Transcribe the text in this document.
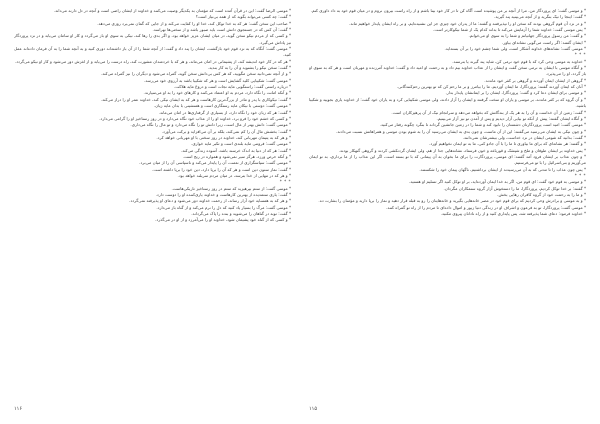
* موسی الرضا گفت: این در قرآن آمده است که مؤمنان به یکدیگر وصیت می‌کنند و خداوند از ایشان راضی است و آنچه در دل دارند می‌داند.

* گفت: چه کسی می‌تواند بگوید که از همه بی‌نیاز است؟

* صاحب این سخن گفت: هر که به خدا توکل کند، خدا او را کفایت می‌کند و از جایی که گمان نمی‌برد روزی می‌دهد.

* گفت: آن کس که در جستجوی دانش است باید صبور باشد و از سختی‌ها نهراسد.

* و کسی که از مردم نیکو سخن گوید، در میان ایشان عزیز خواهد بود، و اگر بدی را رها کند، نیکی به سوی او باز می‌گردد و کار او سامان می‌یابد و در نزد پروردگار نیز پاداش می‌گیرد.

* موسی گفت: آنگاه که به نزد قوم خود بازگشت، ایشان را پند داد و گفت: از آنچه شما را از آن باز داشته‌اند دوری کنید و به آنچه شما را به آن فرمان داده‌اند عمل کنید.

* هر که در کار خود اندیشه کند، از پشیمانی در امان می‌ماند، و هر که با خردمندان مشورت کند، راه درست را می‌یابد و از لغزش دور می‌شود و کار او نیکو می‌گردد.

* گفت: سخن نیکو را بشنوید و آن را به کار بندید.

* و از آنچه نمی‌دانید سخن مگویید، که هر کس بی‌دانش سخن گوید، گمراه می‌شود و دیگران را نیز گمراه می‌کند.

* موسی گفت: شکیبایی کلید گشایش است و هر که شکیبا باشد به آرزوی خود می‌رسد.

* درباره راستی گفت: راستگویی مایه نجات است و دروغ مایه هلاکت.

* و آنکه امانت را نگاه دارد، مردم به او اعتماد می‌کنند و کارهای خود را به او می‌سپارند.

* گفت: نیکوکاری با پدر و مادر از بزرگ‌ترین کارهاست و هر که به ایشان نیکی کند، خداوند عمر او را دراز می‌کند.

* موسی گفت: دوستی با نیکان مایه رستگاری است و همنشینی با بدان مایه زیان.

* گفت: هر که زبان خود را نگاه دارد، از بسیاری از گرفتاری‌ها در امان می‌ماند.

* و کسی که خشم خود را فرو برد، خداوند او را از عذاب خود نگاه می‌دارد و در روز رستاخیز او را گرامی می‌دارد.

* موسی گفت: دانش بهتر از مال است، زیرا دانش تو را نگاه می‌دارد و تو مال را نگاه می‌داری.

* گفت: بخشش مال آن را کم نمی‌کند، بلکه بر آن می‌افزاید و برکت می‌آورد.

* و هر که به یتیمان مهربانی کند، خداوند در روز سختی با او مهربانی خواهد کرد.

* موسی گفت: فروتنی مایه بلندی است و تکبر مایه خواری.

* گفت: هر که از دنیا به اندک خرسند باشد، آسوده زندگی می‌کند.

* و آنکه حرص ورزد، هرگز سیر نمی‌شود و همواره در رنج است.

* موسی گفت: سپاسگزاری از نعمت، آن را پایدار می‌کند و ناسپاسی آن را از میان می‌برد.

* گفت: نماز ستون دین است و هر که آن را برپا دارد، دین خود را برپا داشته است.

* و هر که در تنهایی از خدا بترسد، در میان مردم سربلند خواهد بود.

* * *

* موسی گفت: از ستم بپرهیزید که ستم در روز رستاخیز تاریکی‌هاست.

* گفت: یاری ستمدیده از بهترین کارهاست و خداوند یاری‌کننده او را دوست دارد.

* و هر که به همسایه خود آزار رساند، از رحمت خداوند دور می‌شود و دعای او پذیرفته نمی‌گردد.

* موسی گفت: مرگ را بسیار یاد کنید که دل را نرم می‌کند و از گناه باز می‌دارد.

* گفت: توبه در گناهان را می‌شوید و بنده را پاک می‌گرداند.

* و کسی که از گناه خود پشیمان شود، خداوند او را می‌آمرزد و از او در می‌گذرد.

۱۱۶

* و موسی گفت: ای پروردگار من، مرا از آنچه بر من پوشیده است آگاه کن تا در کار خود بینا باشم و از راه راست بیرون نروم و در میان قوم خود به داد داوری کنم.

* گفت: اینجا را نیک بنگرید و از آنچه می‌بینید پند گیرید.

* و در نزد آن قوم گروهی بودند که سخن او را نپذیرفتند و گفتند: ما از پدران خود چیزی جز این نشنیده‌ایم، و بر راه ایشان پایدار خواهیم ماند.

* پس موسی گفت: خداوند شما را آزمایش می‌کند تا بداند کدام یک از شما نیکوکارتر است.

* و گفت: من رسول پروردگار جهانیانم و شما را به سوی او می‌خوانم.

* ایشان گفتند: اگر راست می‌گویی نشانه‌ای بیاور.

* موسی گفت: نشانه‌های خداوند آشکار است، ولی شما چشم خود را بر آن بسته‌اید.

* * *

* خداوند به موسی وحی کرد که با قوم خود نرمی کن، شاید پند گیرند یا بترسند.

* و آنگاه موسی با ایشان به نرمی سخن گفت و ایشان را از عذاب خداوند بیم داد و به رحمت او امید داد و گفت: خداوند آمرزنده و مهربان است و هر که به سوی او باز گردد، او را می‌پذیرد.

* گروهی از ایشان ایمان آوردند و گروهی بر کفر خود ماندند.

* آنان که ایمان آوردند گفتند: پروردگارا، ما ایمان آوردیم، ما را بیامرز و بر ما رحم کن که تو بهترین رحم‌کنندگانی.

* و موسی برای ایشان دعا کرد و گفت: پروردگارا، ایشان را بر ایمانشان پایدار بدار.

* و آن گروه که بر کفر ماندند، بر موسی و یاران او سخت گرفتند و ایشان را آزار دادند، ولی موسی شکیبایی کرد و به یاران خود گفت: از خداوند یاری بجویید و شکیبا باشید.

* گفت: زمین از آن خداست و آن را به هر یک از بندگانش که بخواهد می‌دهد و سرانجام نیک از آن پرهیزکاران است.

* و آنگاه ایشان گفتند: پیش از آنکه تو بیایی آزار دیدیم و پس از آمدن تو نیز آزار می‌بینیم.

* موسی گفت: امید است پروردگارتان دشمنتان را نابود کند و شما را در زمین جانشین گرداند تا بنگرد چگونه رفتار می‌کنید.

* و چون نیکی به ایشان می‌رسید می‌گفتند: این از آن ماست، و چون بدی به ایشان می‌رسید آن را به شوم بودن موسی و همراهانش نسبت می‌دادند.

* گفت: بدانید که شومی ایشان در نزد خداست، ولی بیشترشان نمی‌دانند.

* و گفتند: هر نشانه‌ای که برای ما بیاوری تا ما را با آن جادو کنی، ما به تو ایمان نخواهیم آورد.

* پس خداوند بر ایشان طوفان و ملخ و شپشک و قورباغه و خون فرستاد، نشانه‌هایی جدا از هم، ولی ایشان گردنکشی کردند و گروهی گنهکار بودند.

* و چون عذاب بر ایشان فرود آمد گفتند: ای موسی، پروردگارت را برای ما بخوان به آن پیمانی که با تو بسته است، اگر این عذاب را از ما برداری، به تو ایمان می‌آوریم و بنی‌اسرائیل را با تو می‌فرستیم.

* پس چون عذاب را تا مدتی که به آن می‌رسیدند از ایشان برداشتیم، ناگهان پیمان خود را شکستند.

* * *

* و موسی به قوم خود گفت: ای قوم من، اگر به خدا ایمان آورده‌اید، بر او توکل کنید اگر تسلیم او هستید.

* گفتند: بر خدا توکل کردیم، پروردگارا، ما را دستخوش آزار گروه ستمکاران مگردان.

* و ما را به رحمت خود از گروه کافران رهایی بخش.

* و به موسی و برادرش وحی کردیم که برای قوم خود در مصر خانه‌هایی بگیرید و خانه‌هایتان را رو به قبله قرار دهید و نماز را برپا دارید و مؤمنان را بشارت ده.

* موسی گفت: پروردگارا، تو به فرعون و اشراف او در زندگی دنیا زیور و اموال داده‌ای تا مردم را از راه تو گمراه کنند.

* خداوند فرمود: دعای شما پذیرفته شد، پس پایداری کنید و از راه نادانان پیروی مکنید.

۱۱۵
